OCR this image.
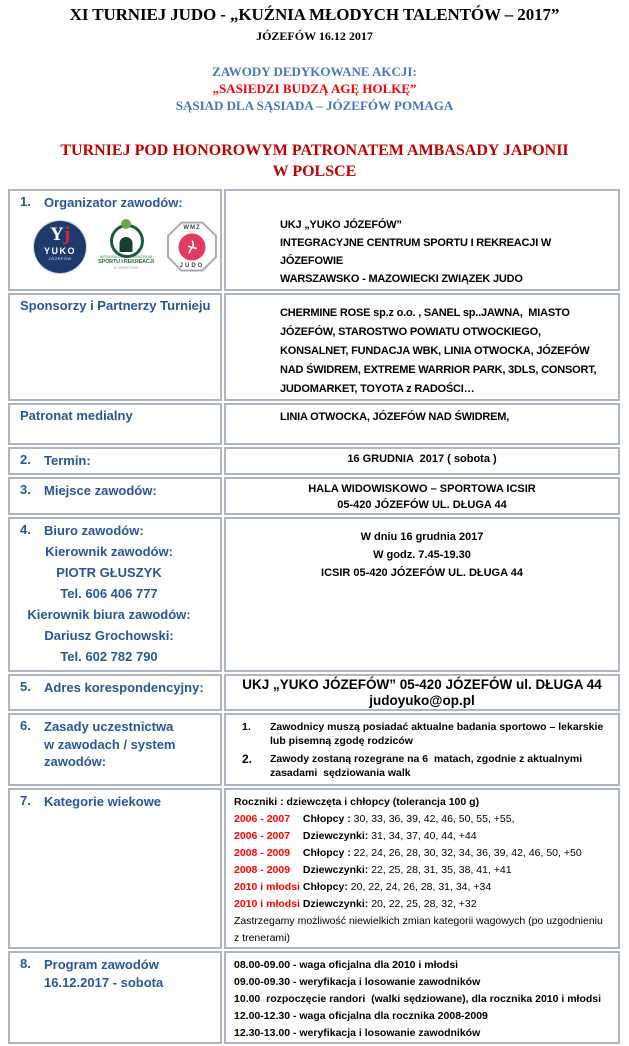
XI TURNIEJ JUDO - „KUŹNIA MŁODYCH TALENTÓW – 2017”
JÓZEFÓW 16.12 2017
ZAWODY DEDYKOWANE AKCJI:
„SASIEDZI BUDZĄ AGĘ HOLKĘ”
SĄSIAD DLA SĄSIADA – JÓZEFÓW POMAGA
TURNIEJ POD HONOROWYM PATRONATEM AMBASADY JAPONII
W POLSCE
1.	Organizator zawodów:
Yj
YUKO
JÓZEFÓW	INTEGRACYJNE CENTRUM
SPORTU I REKREACJI
W JÓZEFOWIE
WMZ
JUDO

UKJ „YUKO JÓZEFÓW”
INTEGRACYJNE CENTRUM SPORTU I REKREACJI W JÓZEFOWIE
WARSZAWSKO - MAZOWIECKI ZWIĄZEK JUDO

Sponsorzy i Partnerzy Turnieju	CHERMINE ROSE sp.z o.o. , SANEL sp..JAWNA,  MIASTO JÓZEFÓW, STAROSTWO POWIATU OTWOCKIEGO, KONSALNET, FUNDACJA WBK, LINIA OTWOCKA, JÓZEFÓW NAD ŚWIDREM, EXTREME WARRIOR PARK, 3DLS, CONSORT, JUDOMARKET, TOYOTA z RADOŚCI…

Patronat medialny	LINIA OTWOCKA, JÓZEFÓW NAD ŚWIDREM,

2. Termin:	16 GRUDNIA  2017 ( sobota )

3.	Miejsce zawodów:	HALA WIDOWISKOWO – SPORTOWA ICSIR
05-420 JÓZEFÓW UL. DŁUGA 44

4.	Biuro zawodów:
Kierownik zawodów:
PIOTR GŁUSZYK
Tel. 606 406 777
Kierownik biura zawodów:
Dariusz Grochowski:
Tel. 602 782 790

W dniu 16 grudnia 2017
W godz. 7.45-19.30
ICSIR 05-420 JÓZEFÓW UL. DŁUGA 44

5.	Adres korespondencyjny:	UKJ „YUKO JÓZEFÓW” 05-420 JÓZEFÓW ul. DŁUGA 44
judoyuko@op.pl

6.	Zasady uczestnictwa
w zawodach / system
zawodów:

1.	Zawodnicy muszą posiadać aktualne badania sportowo – lekarskie lub pisemną zgodę rodziców
2.	Zawody zostaną rozegrane na 6  matach, zgodnie z aktualnymi zasadami  sędziowania walk

7.	Kategorie wiekowe	Roczniki : dziewczęta i chłopcy (tolerancja 100 g)
2006 - 2007 Chłopcy : 30, 33, 36, 39, 42, 46, 50, 55, +55,
2006 - 2007 Dziewczynki: 31, 34, 37, 40, 44, +44
2008 - 2009 Chłopcy : 22, 24, 26, 28, 30, 32, 34, 36, 39, 42, 46, 50, +50
2008 - 2009 Dziewczynki: 22, 25, 28, 31, 35, 38, 41, +41
2010 i młodsi Chłopcy: 20, 22, 24, 26, 28, 31, 34, +34
2010 i młodsi Dziewczynki: 20, 22, 25, 28, 32, +32
Zastrzegamy możliwość niewielkich zmian kategorii wagowych (po uzgodnieniu z trenerami)

8.	Program zawodów
16.12.2017 - sobota

08.00-09.00 - waga oficjalna dla 2010 i młodsi
09.00-09.30 - weryfikacja i losowanie zawodników
10.00  rozpoczęcie randori  (walki sędziowane), dla rocznika 2010 i młodsi
12.00-12.30 - waga oficjalna dla rocznika 2008-2009
12.30-13.00 - weryfikacja i losowanie zawodników
